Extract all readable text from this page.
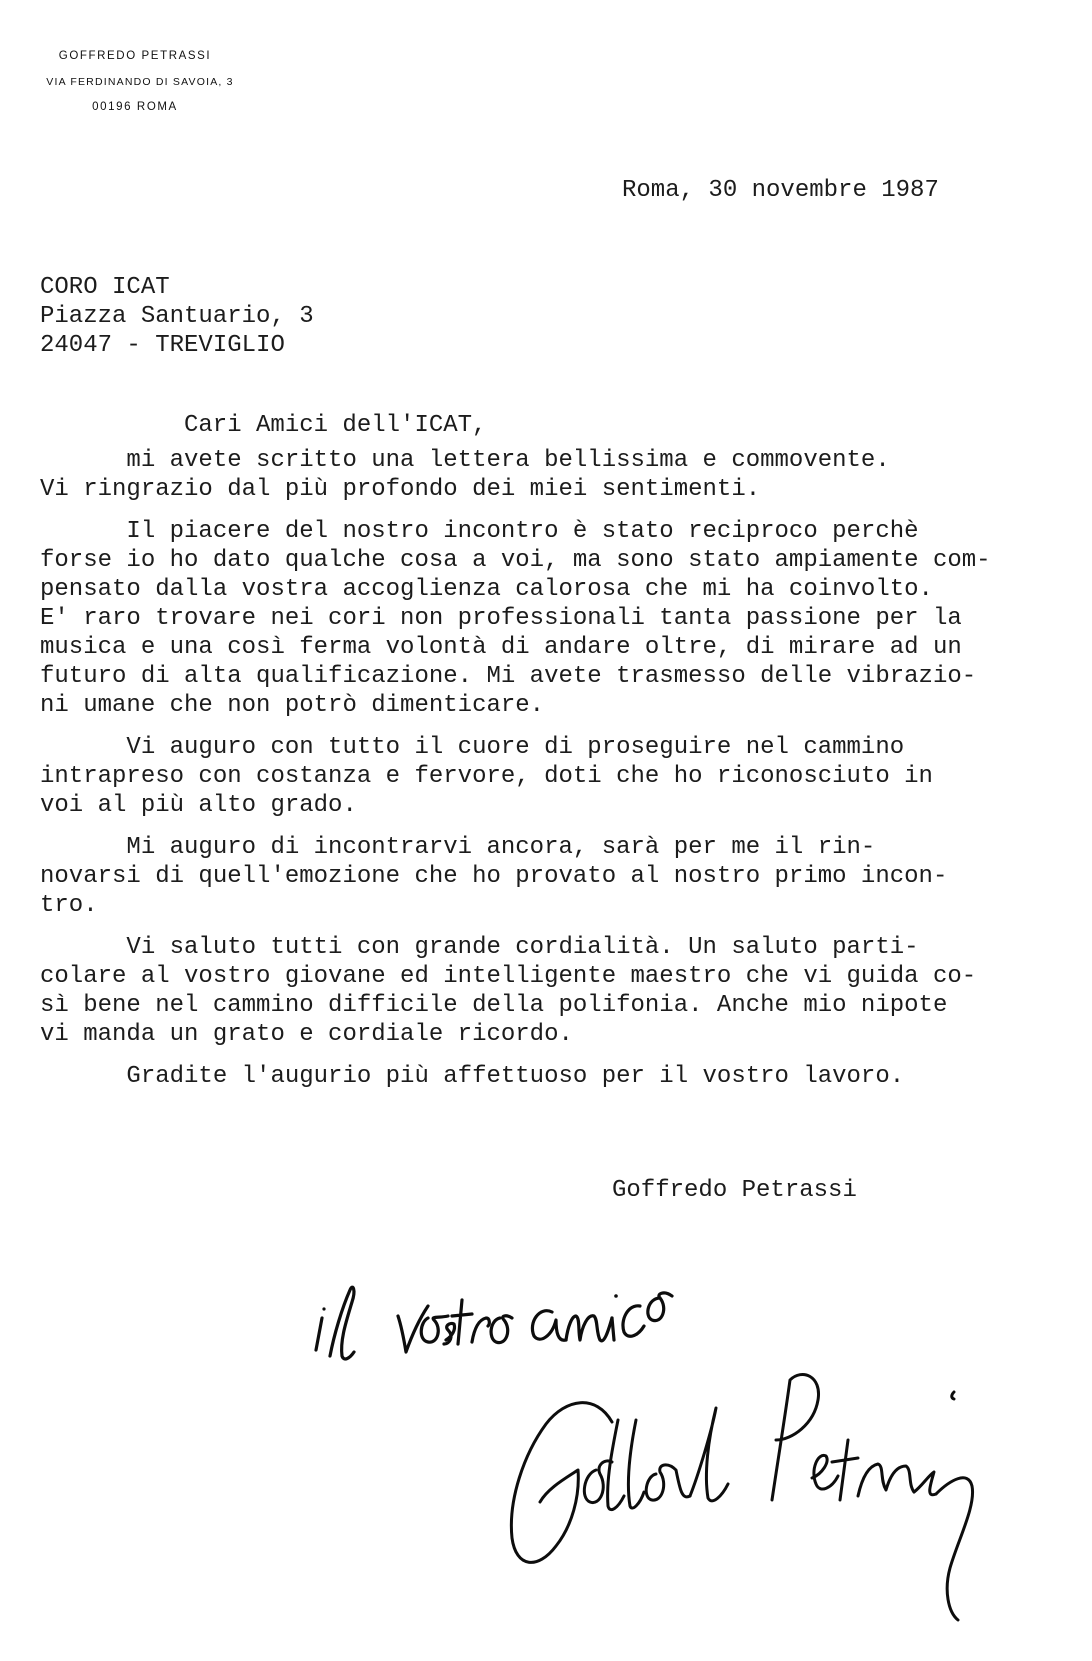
GOFFREDO PETRASSI
VIA FERDINANDO DI SAVOIA, 3
00196 ROMA
Roma, 30 novembre 1987
CORO ICAT
Piazza Santuario, 3
24047 - TREVIGLIO

Cari Amici dell'ICAT,

mi avete scritto una lettera bellissima e commovente.
Vi ringrazio dal più profondo dei miei sentimenti.

Il piacere del nostro incontro è stato reciproco perchè
forse io ho dato qualche cosa a voi, ma sono stato ampiamente com-
pensato dalla vostra accoglienza calorosa che mi ha coinvolto.
E' raro trovare nei cori non professionali tanta passione per la
musica e una così ferma volontà di andare oltre, di mirare ad un
futuro di alta qualificazione. Mi avete trasmesso delle vibrazio-
ni umane che non potrò dimenticare.

Vi auguro con tutto il cuore di proseguire nel cammino
intrapreso con costanza e fervore, doti che ho riconosciuto in
voi al più alto grado.

Mi auguro di incontrarvi ancora, sarà per me il rin-
novarsi di quell'emozione che ho provato al nostro primo incon-
tro.

Vi saluto tutti con grande cordialità. Un saluto parti-
colare al vostro giovane ed intelligente maestro che vi guida co-
sì bene nel cammino difficile della polifonia. Anche mio nipote
vi manda un grato e cordiale ricordo.

Gradite l'augurio più affettuoso per il vostro lavoro.

Goffredo Petrassi
